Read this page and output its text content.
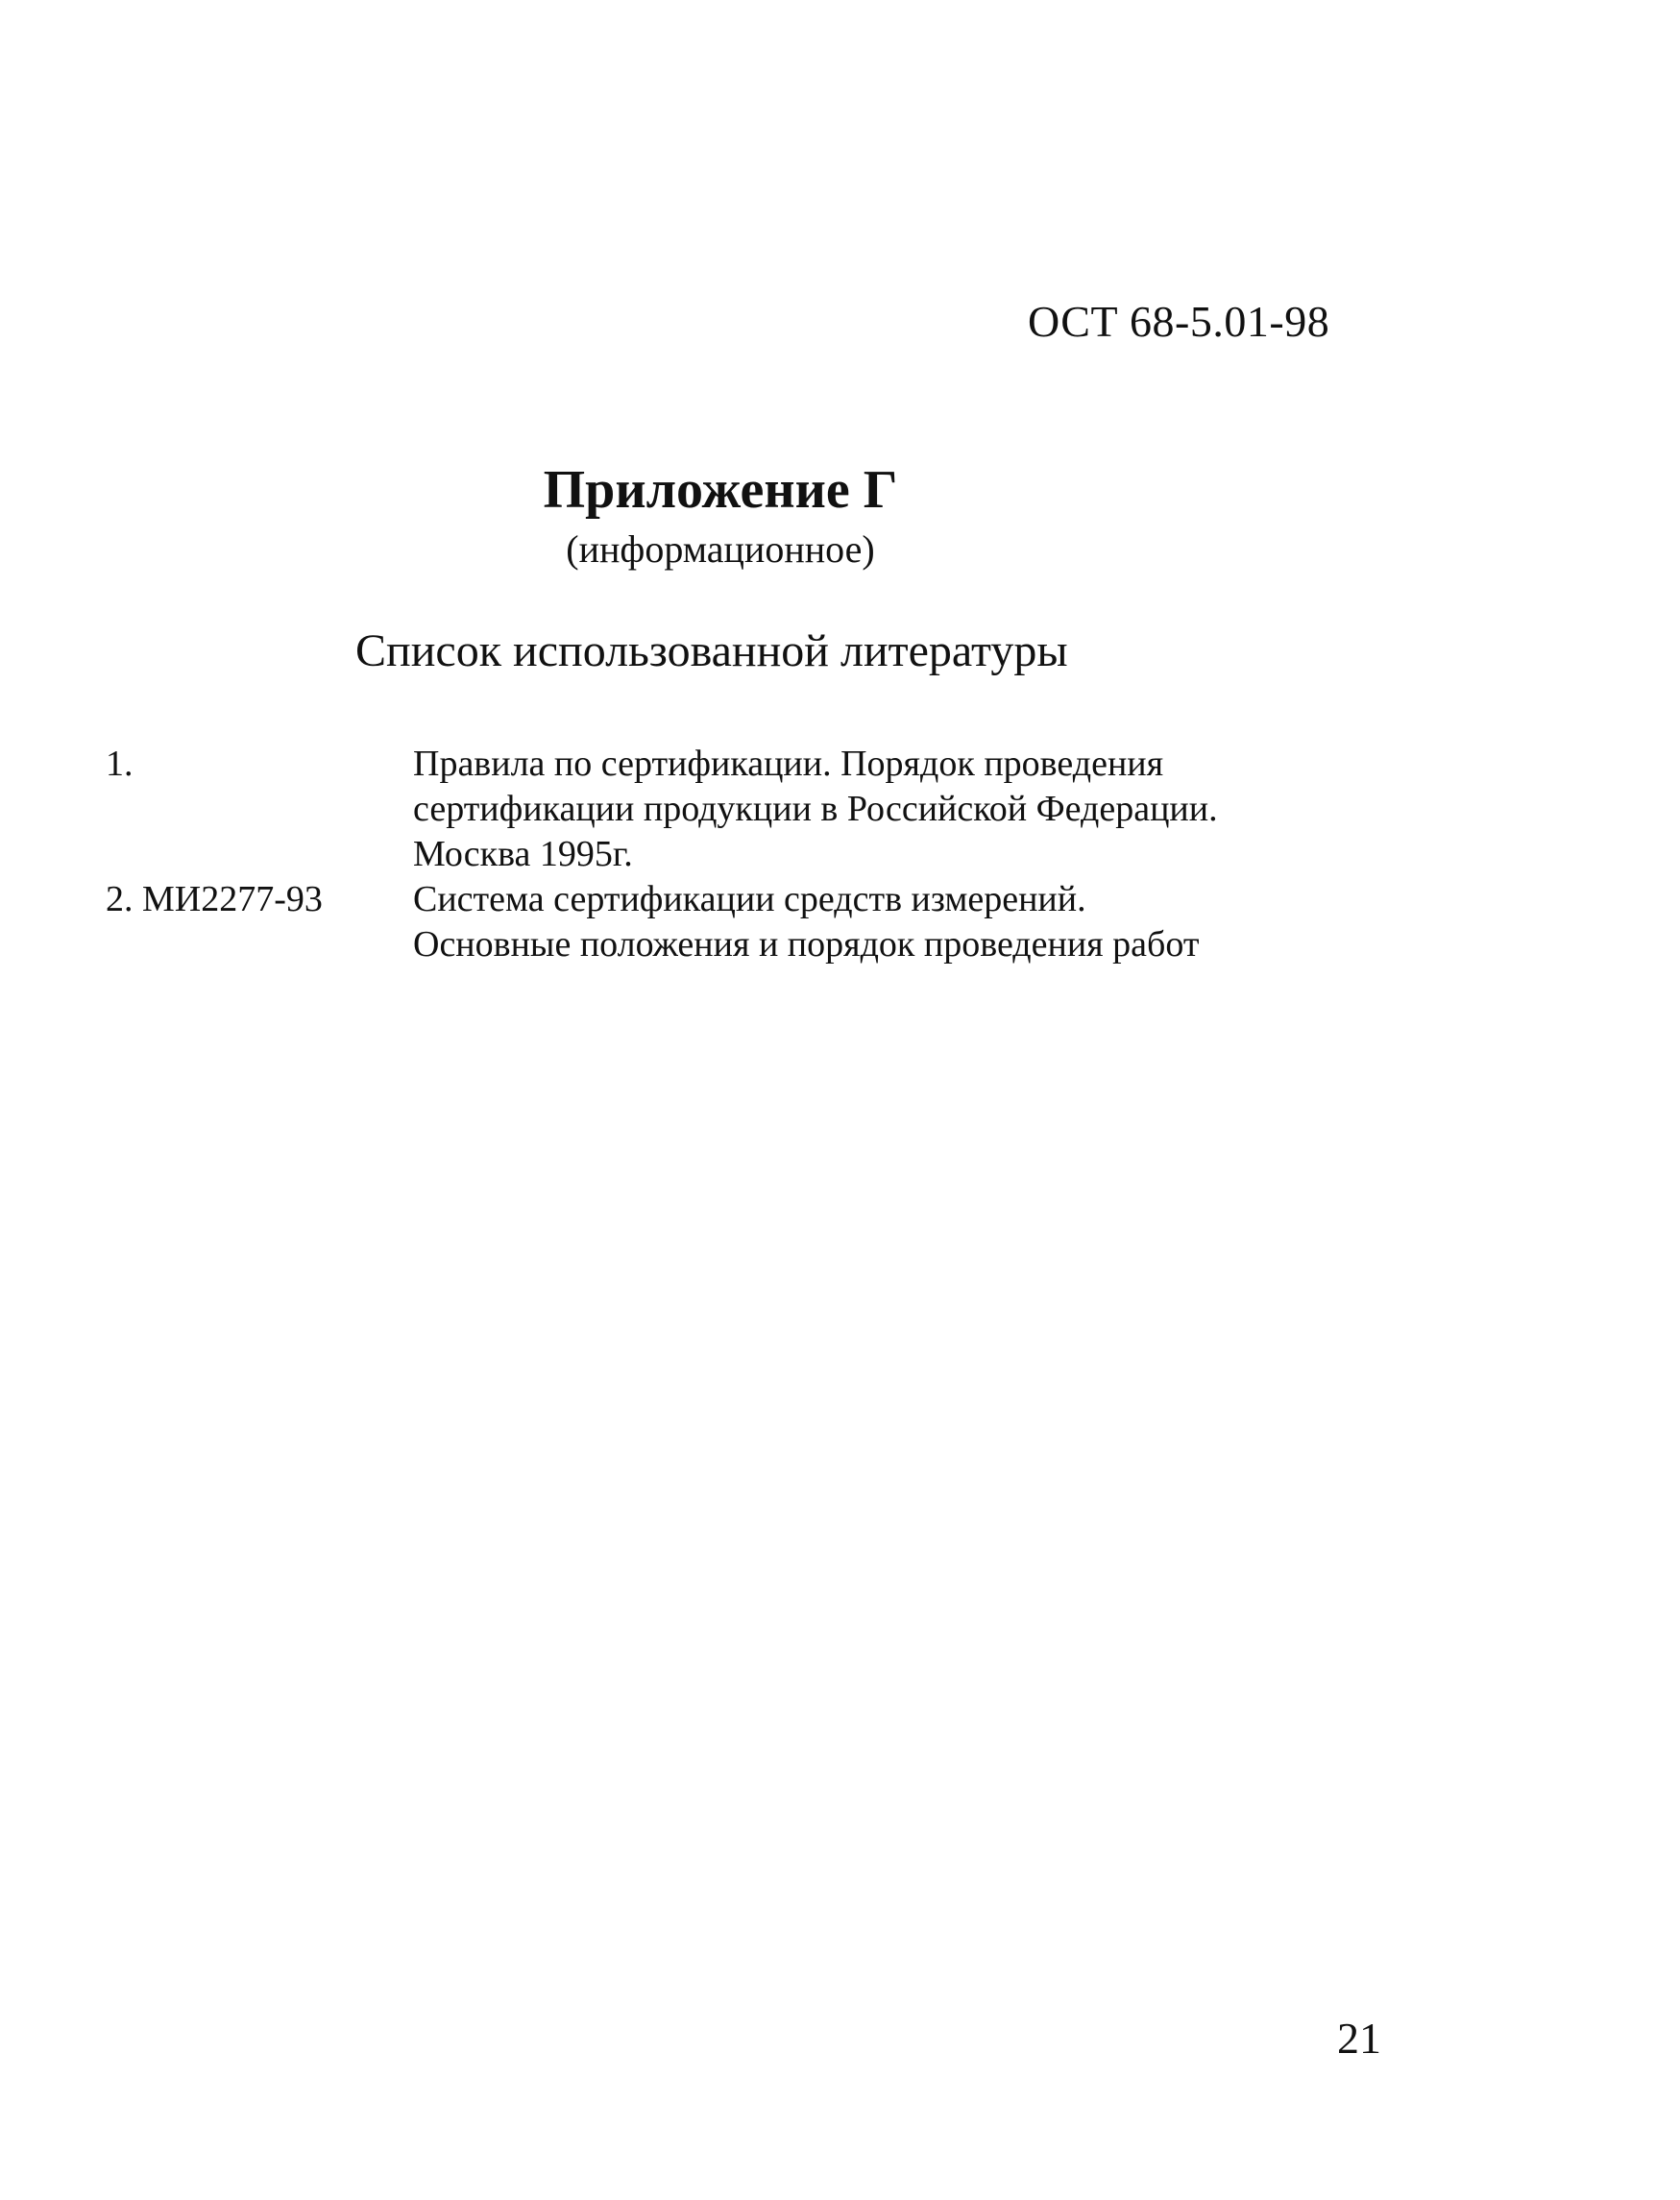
ОСТ 68-5.01-98
Приложение Г
(информационное)
Список использованной литературы
1.	Правила по сертификации. Порядок проведения
сертификации продукции в Российской Федерации.
Москва 1995г.
2. МИ2277-93	Система сертификации средств измерений.
Основные положения и порядок проведения работ
21
